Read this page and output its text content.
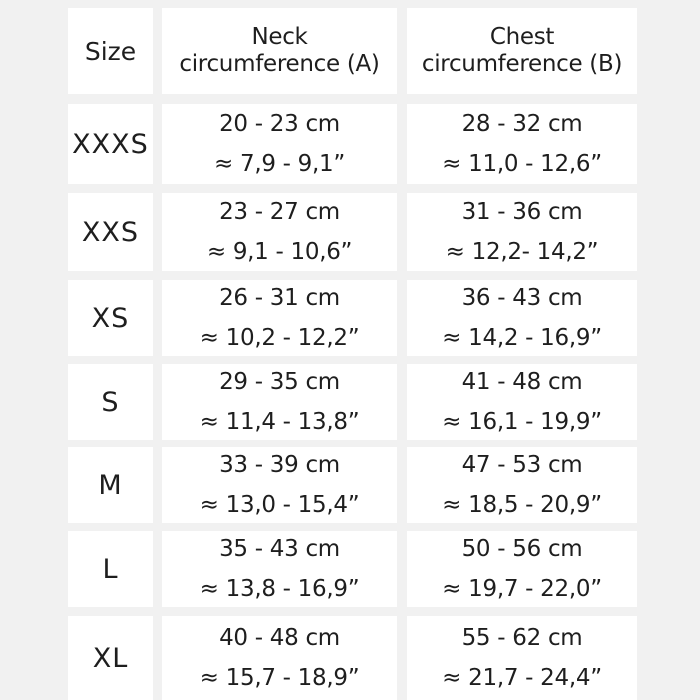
Size	Neck
circumference (A)
Chest
circumference (B)
XXXS
20 - 23 cm
≈ 7,9 - 9,1”
28 - 32 cm
≈ 11,0 - 12,6”
XXS
23 - 27 cm
≈ 9,1 - 10,6”
31 - 36 cm
≈ 12,2- 14,2”
XS
26 - 31 cm
≈ 10,2 - 12,2”
36 - 43 cm
≈ 14,2 - 16,9”
S
29 - 35 cm
≈ 11,4 - 13,8”
41 - 48 cm
≈ 16,1 - 19,9”
M
33 - 39 cm
≈ 13,0 - 15,4”
47 - 53 cm
≈ 18,5 - 20,9”
L
35 - 43 cm
≈ 13,8 - 16,9”
50 - 56 cm
≈ 19,7 - 22,0”
XL
40 - 48 cm
≈ 15,7 - 18,9”
55 - 62 cm
≈ 21,7 - 24,4”
